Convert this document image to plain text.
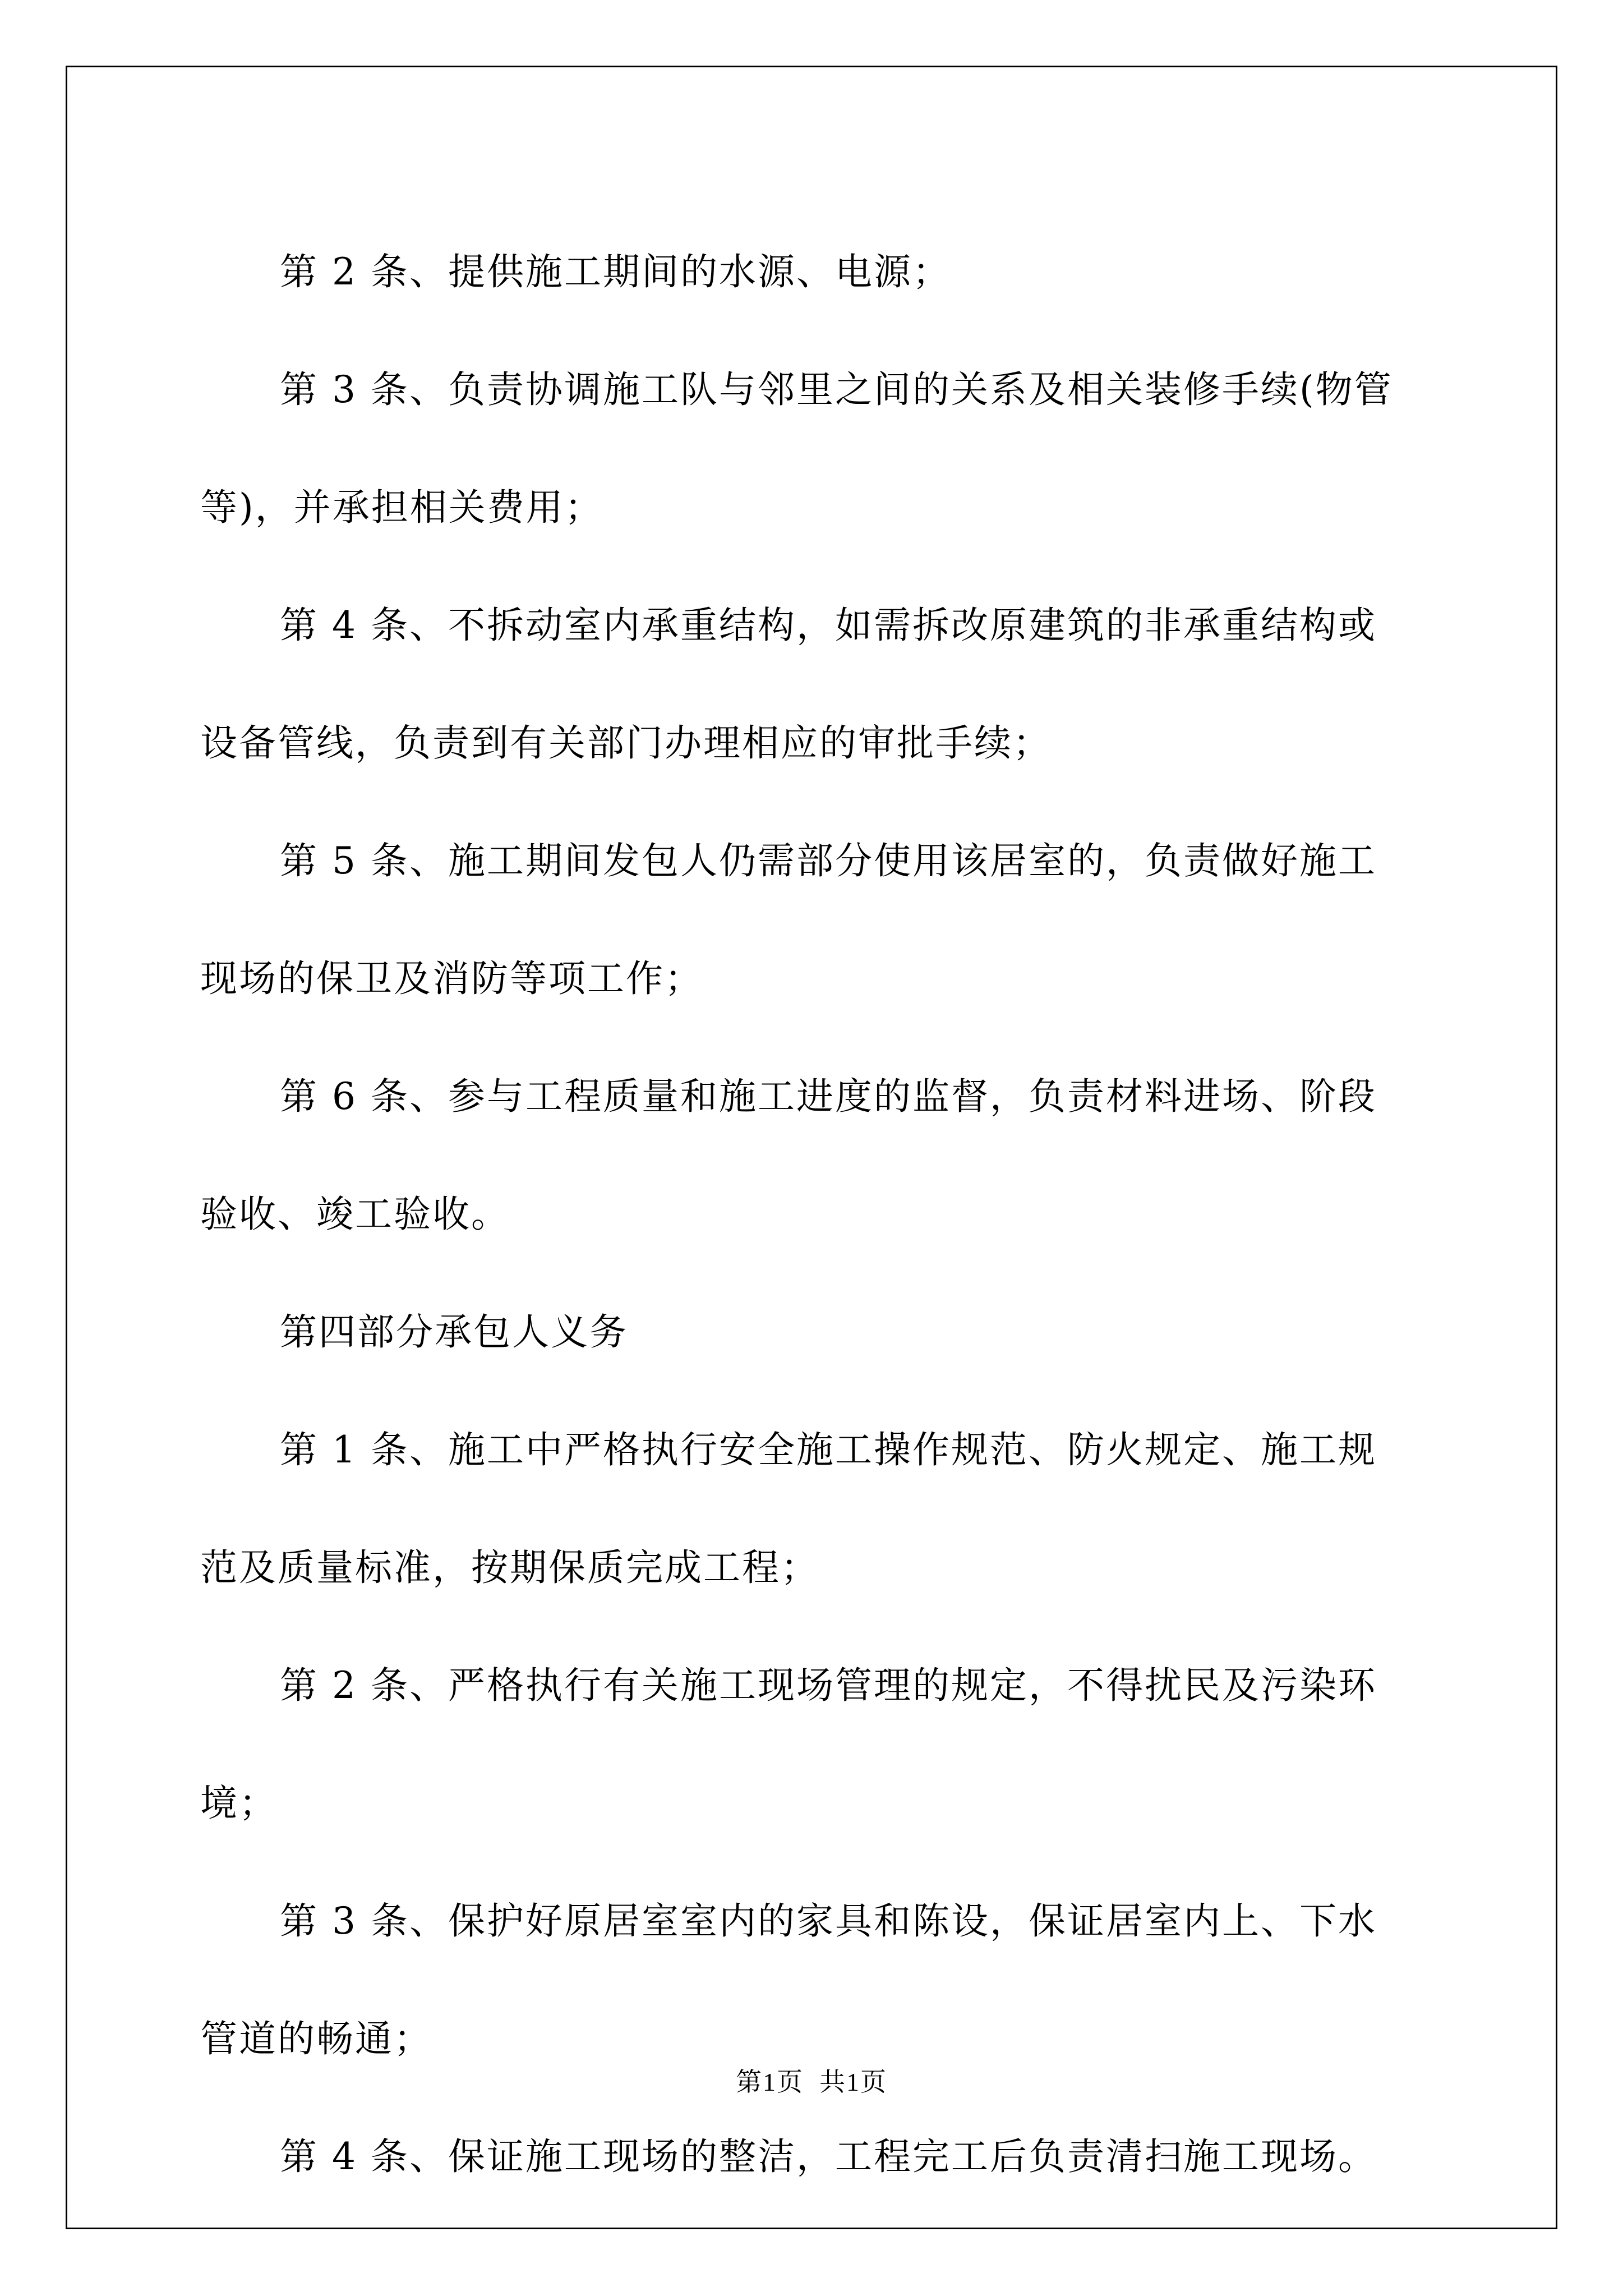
第 2 条、提供施工期间的水源、电源；

第 3 条、负责协调施工队与邻里之间的关系及相关装修手续(物管
等)，并承担相关费用；

第 4 条、不拆动室内承重结构，如需拆改原建筑的非承重结构或
设备管线，负责到有关部门办理相应的审批手续；

第 5 条、施工期间发包人仍需部分使用该居室的，负责做好施工
现场的保卫及消防等项工作；

第 6 条、参与工程质量和施工进度的监督，负责材料进场、阶段
验收、竣工验收。

第四部分承包人义务

第 1 条、施工中严格执行安全施工操作规范、防火规定、施工规
范及质量标准，按期保质完成工程；

第 2 条、严格执行有关施工现场管理的规定，不得扰民及污染环
境；

第 3 条、保护好原居室室内的家具和陈设，保证居室内上、下水
管道的畅通；

第 4 条、保证施工现场的整洁，工程完工后负责清扫施工现场。

第1页 共1页
